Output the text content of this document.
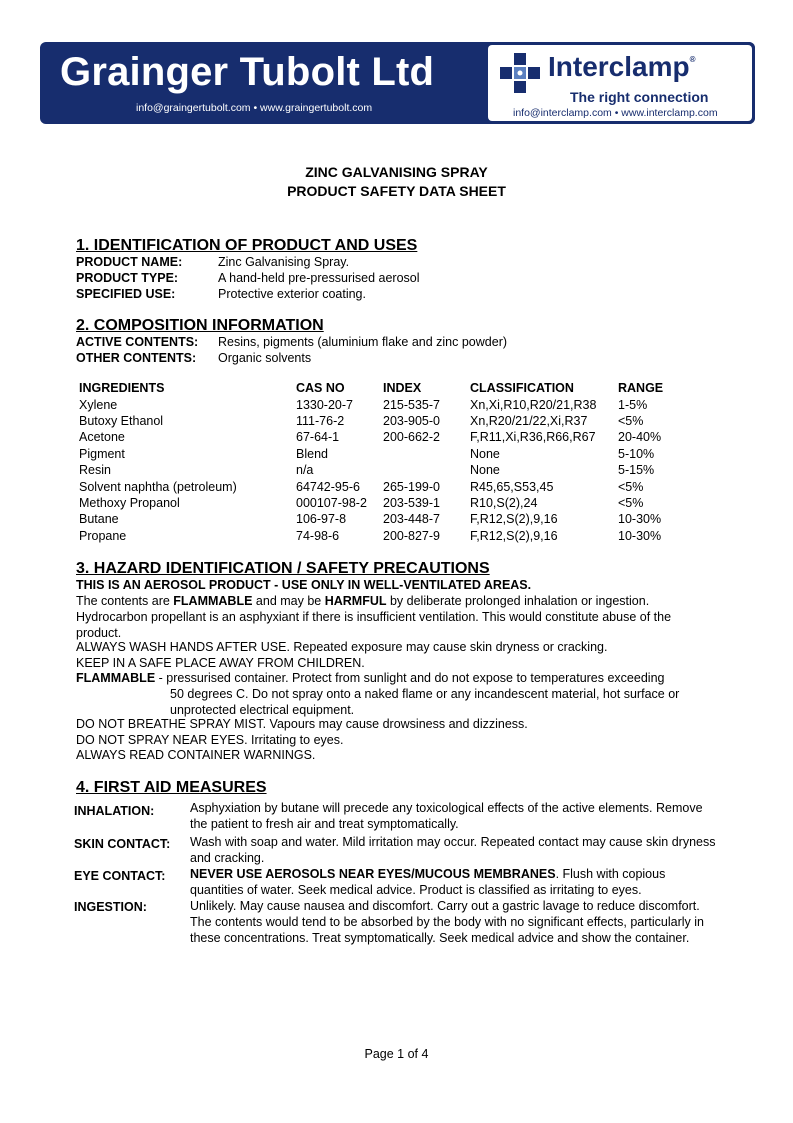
Grainger Tubolt Ltd
info@graingertubolt.com • www.graingertubolt.com
Interclamp®
The right connection
info@interclamp.com • www.interclamp.com
ZINC GALVANISING SPRAY
PRODUCT SAFETY DATA SHEET
1. IDENTIFICATION OF PRODUCT AND USES
PRODUCT NAME:	Zinc Galvanising Spray.
PRODUCT TYPE:	A hand-held pre-pressurised aerosol
SPECIFIED USE:	Protective exterior coating.
2. COMPOSITION INFORMATION
ACTIVE CONTENTS: Resins, pigments (aluminium flake and zinc powder)
OTHER CONTENTS: Organic solvents
INGREDIENTS	CAS NO	INDEX	CLASSIFICATION	RANGE
Xylene	1330-20-7	215-535-7	Xn,Xi,R10,R20/21,R38	1-5%
Butoxy Ethanol	111-76-2	203-905-0	Xn,R20/21/22,Xi,R37	<5%
Acetone	67-64-1	200-662-2	F,R11,Xi,R36,R66,R67	20-40%
Pigment	Blend		None	5-10%
Resin	n/a		None	5-15%
Solvent naphtha (petroleum)	64742-95-6	265-199-0	R45,65,S53,45	<5%
Methoxy Propanol	000107-98-2	203-539-1	R10,S(2),24	<5%
Butane	106-97-8	203-448-7	F,R12,S(2),9,16	10-30%
Propane	74-98-6	200-827-9	F,R12,S(2),9,16	10-30%
3. HAZARD IDENTIFICATION / SAFETY PRECAUTIONS
THIS IS AN AEROSOL PRODUCT - USE ONLY IN WELL-VENTILATED AREAS.
The contents are FLAMMABLE and may be HARMFUL by deliberate prolonged inhalation or ingestion.
Hydrocarbon propellant is an asphyxiant if there is insufficient ventilation. This would constitute abuse of the
product.
ALWAYS WASH HANDS AFTER USE. Repeated exposure may cause skin dryness or cracking.
KEEP IN A SAFE PLACE AWAY FROM CHILDREN.
FLAMMABLE - pressurised container. Protect from sunlight and do not expose to temperatures exceeding
50 degrees C. Do not spray onto a naked flame or any incandescent material, hot surface or
unprotected electrical equipment.
DO NOT BREATHE SPRAY MIST. Vapours may cause drowsiness and dizziness.
DO NOT SPRAY NEAR EYES. Irritating to eyes.
ALWAYS READ CONTAINER WARNINGS.
4. FIRST AID MEASURES
INHALATION:	Asphyxiation by butane will precede any toxicological effects of the active elements. Remove the patient to fresh air and treat symptomatically.
SKIN CONTACT: Wash with soap and water. Mild irritation may occur. Repeated contact may cause skin dryness and cracking.
EYE CONTACT: NEVER USE AEROSOLS NEAR EYES/MUCOUS MEMBRANES. Flush with copious quantities of water. Seek medical advice. Product is classified as irritating to eyes.
INGESTION:	Unlikely. May cause nausea and discomfort. Carry out a gastric lavage to reduce discomfort. The contents would tend to be absorbed by the body with no significant effects, particularly in these concentrations. Treat symptomatically. Seek medical advice and show the container.
Page 1 of 4
